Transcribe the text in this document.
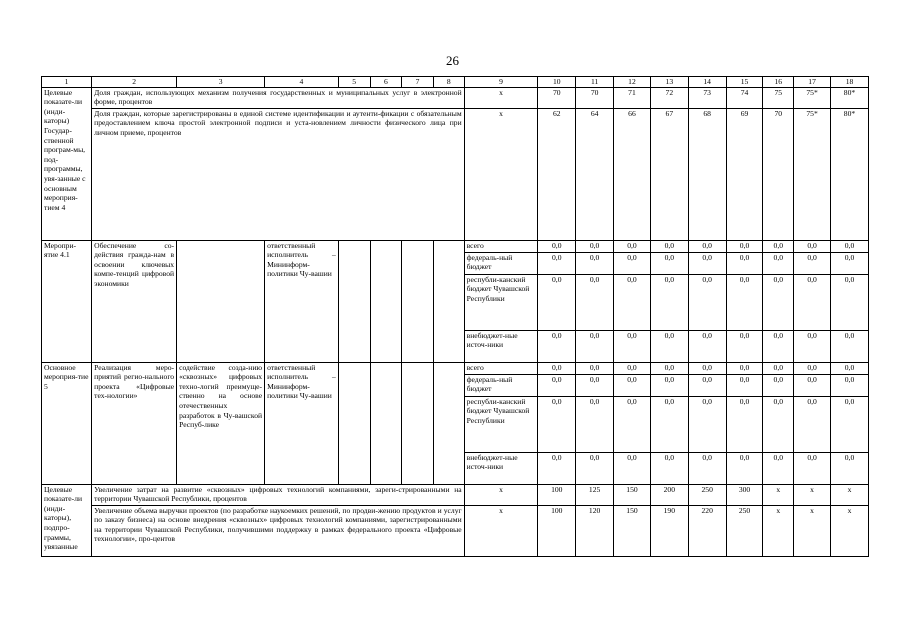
26
1	2	3	4	5	6	7	8	9	10	11	12	13	14	15	16	17	18
Целевые показате-ли (инди-каторы) Государ-ственной програм-мы, под-программы, увя-занные с основным мероприя-тием 4	Доля граждан, использующих механизм получения государственных и муниципальных услуг в электронной форме, процентов							x	70	70	71	72	73	74	75	75*	80*
	Доля граждан, которые зарегистрированы в единой системе идентификации и аутенти-фикации с обязательным предоставлением ключа простой электронной подписи и уста-новлением личности физического лица при личном приеме, процентов							x	62	64	66	67	68	69	70	75*	80*
Меропри-ятие 4.1	Обеспечение со-действия гражда-нам в освоении ключевых компе-тенций цифровой экономики		ответственный исполнитель – Мининформ-политики Чу-вашии					всего	0,0	0,0	0,0	0,0	0,0	0,0	0,0	0,0	0,0
								федераль-ный бюджет	0,0	0,0	0,0	0,0	0,0	0,0	0,0	0,0	0,0
								республи-канский бюджет Чувашской Республики	0,0	0,0	0,0	0,0	0,0	0,0	0,0	0,0	0,0
								внебюджет-ные источ-ники	0,0	0,0	0,0	0,0	0,0	0,0	0,0	0,0	0,0
Основное мероприя-тие 5	Реализация меро-приятий регио-нального проекта «Цифровые тех-нологии»	содействие созда-нию «сквозных» цифровых техно-логий преимуще-ственно на основе отечественных разработок в Чу-вашской Респуб-лике	ответственный исполнитель – Мининформ-политики Чу-вашии					всего	0,0	0,0	0,0	0,0	0,0	0,0	0,0	0,0	0,0
								федераль-ный бюджет	0,0	0,0	0,0	0,0	0,0	0,0	0,0	0,0	0,0
								республи-канский бюджет Чувашской Республики	0,0	0,0	0,0	0,0	0,0	0,0	0,0	0,0	0,0
								внебюджет-ные источ-ники	0,0	0,0	0,0	0,0	0,0	0,0	0,0	0,0	0,0
Целевые показате-ли (инди-каторы), подпро-граммы, увязанные	Увеличение затрат на развитие «сквозных» цифровых технологий компаниями, зареги-стрированными на территории Чувашской Республики, процентов							x	100	125	150	200	250	300	x	x	x
	Увеличение объема выручки проектов (по разработке наукоемких решений, по продви-жению продуктов и услуг по заказу бизнеса) на основе внедрения «сквозных» цифровых технологий компаниями, зарегистрированными на территории Чувашской Республики, получившими поддержку в рамках федерального проекта «Цифровые технологии», про-центов							x	100	120	150	190	220	250	x	x	x
